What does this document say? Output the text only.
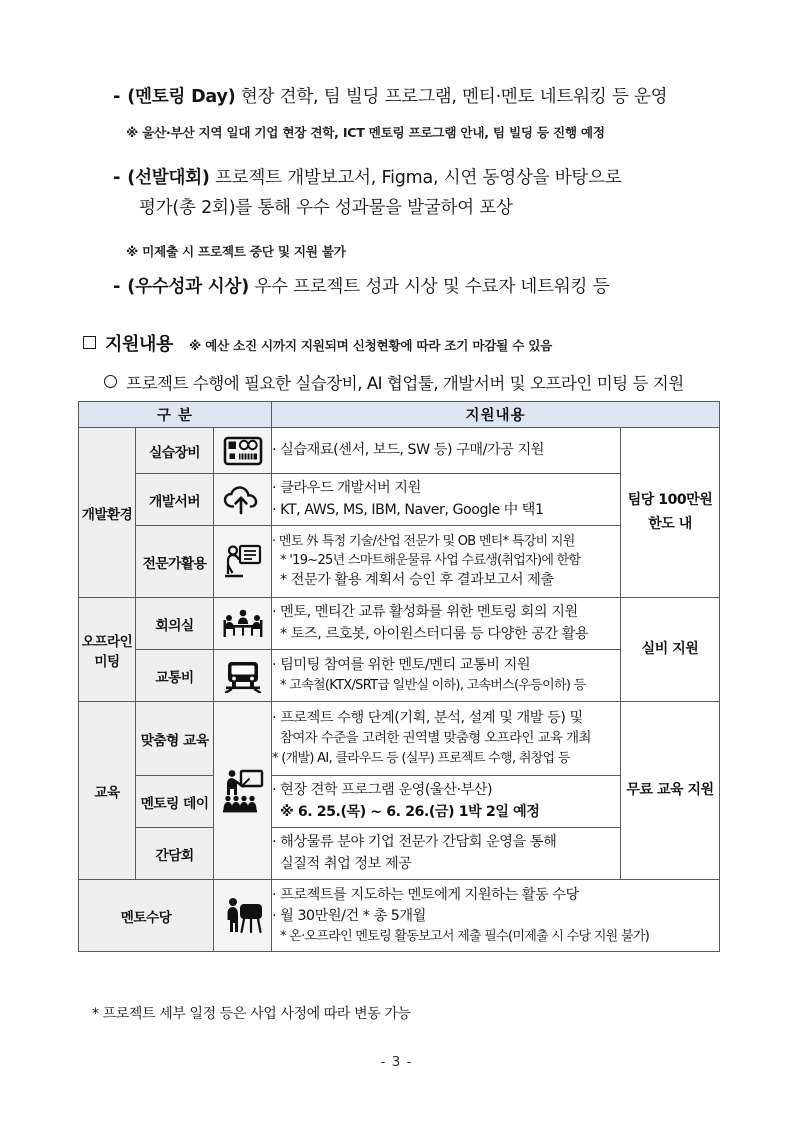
- (멘토링 Day) 현장 견학, 팀 빌딩 프로그램, 멘티·멘토 네트워킹 등 운영
※ 울산·부산 지역 일대 기업 현장 견학, ICT 멘토링 프로그램 안내, 팀 빌딩 등 진행 예정
- (선발대회) 프로젝트 개발보고서, Figma, 시연 동영상을 바탕으로
평가(총 2회)를 통해 우수 성과물을 발굴하여 포상
※ 미제출 시 프로젝트 중단 및 지원 불가
- (우수성과 시상) 우수 프로젝트 성과 시상 및 수료자 네트워킹 등
지원내용 ※ 예산 소진 시까지 지원되며 신청현황에 따라 조기 마감될 수 있음
프로젝트 수행에 필요한 실습장비, AI 협업툴, 개발서버 및 오프라인 미팅 등 지원
구 분			지원내용	
개발환경	실습장비		· 실습재료(센서, 보드, SW 등) 구매/가공 지원	팀당 100만원
한도 내

	개발서버		· 클라우드 개발서버 지원
· KT, AWS, MS, IBM, Naver, Google 中 택1	

	전문가활용		· 멘토 外 특정 기술/산업 전문가 및 OB 멘티* 특강비 지원
* '19~25년 스마트해운물류 사업 수료생(취업자)에 한함
* 전문가 활용 계획서 승인 후 결과보고서 제출	

오프라인
미팅	회의실		· 멘토, 멘티간 교류 활성화를 위한 멘토링 회의 지원
* 토즈, 르호봇, 아이원스터디룸 등 다양한 공간 활용	실비 지원

	교통비		· 팀미팅 참여를 위한 멘토/멘티 교통비 지원
* 고속철(KTX/SRT급 일반실 이하), 고속버스(우등이하) 등	

교육	맞춤형 교육		· 프로젝트 수행 단계(기획, 분석, 설계 및 개발 등) 및
참여자 수준을 고려한 권역별 맞춤형 오프라인 교육 개최
* (개발) AI, 클라우드 등 (실무) 프로젝트 수행, 취창업 등	무료 교육 지원

	멘토링 데이		· 현장 견학 프로그램 운영(울산·부산)
※ 6. 25.(목) ~ 6. 26.(금) 1박 2일 예정	

	간담회		· 해상물류 분야 기업 전문가 간담회 운영을 통해
실질적 취업 정보 제공	

멘토수당			· 프로젝트를 지도하는 멘토에게 지원하는 활동 수당
· 월 30만원/건 * 총 5개월
* 온·오프라인 멘토링 활동보고서 제출 필수(미제출 시 수당 지원 불가)	
* 프로젝트 세부 일정 등은 사업 사정에 따라 변동 가능
- 3 -
